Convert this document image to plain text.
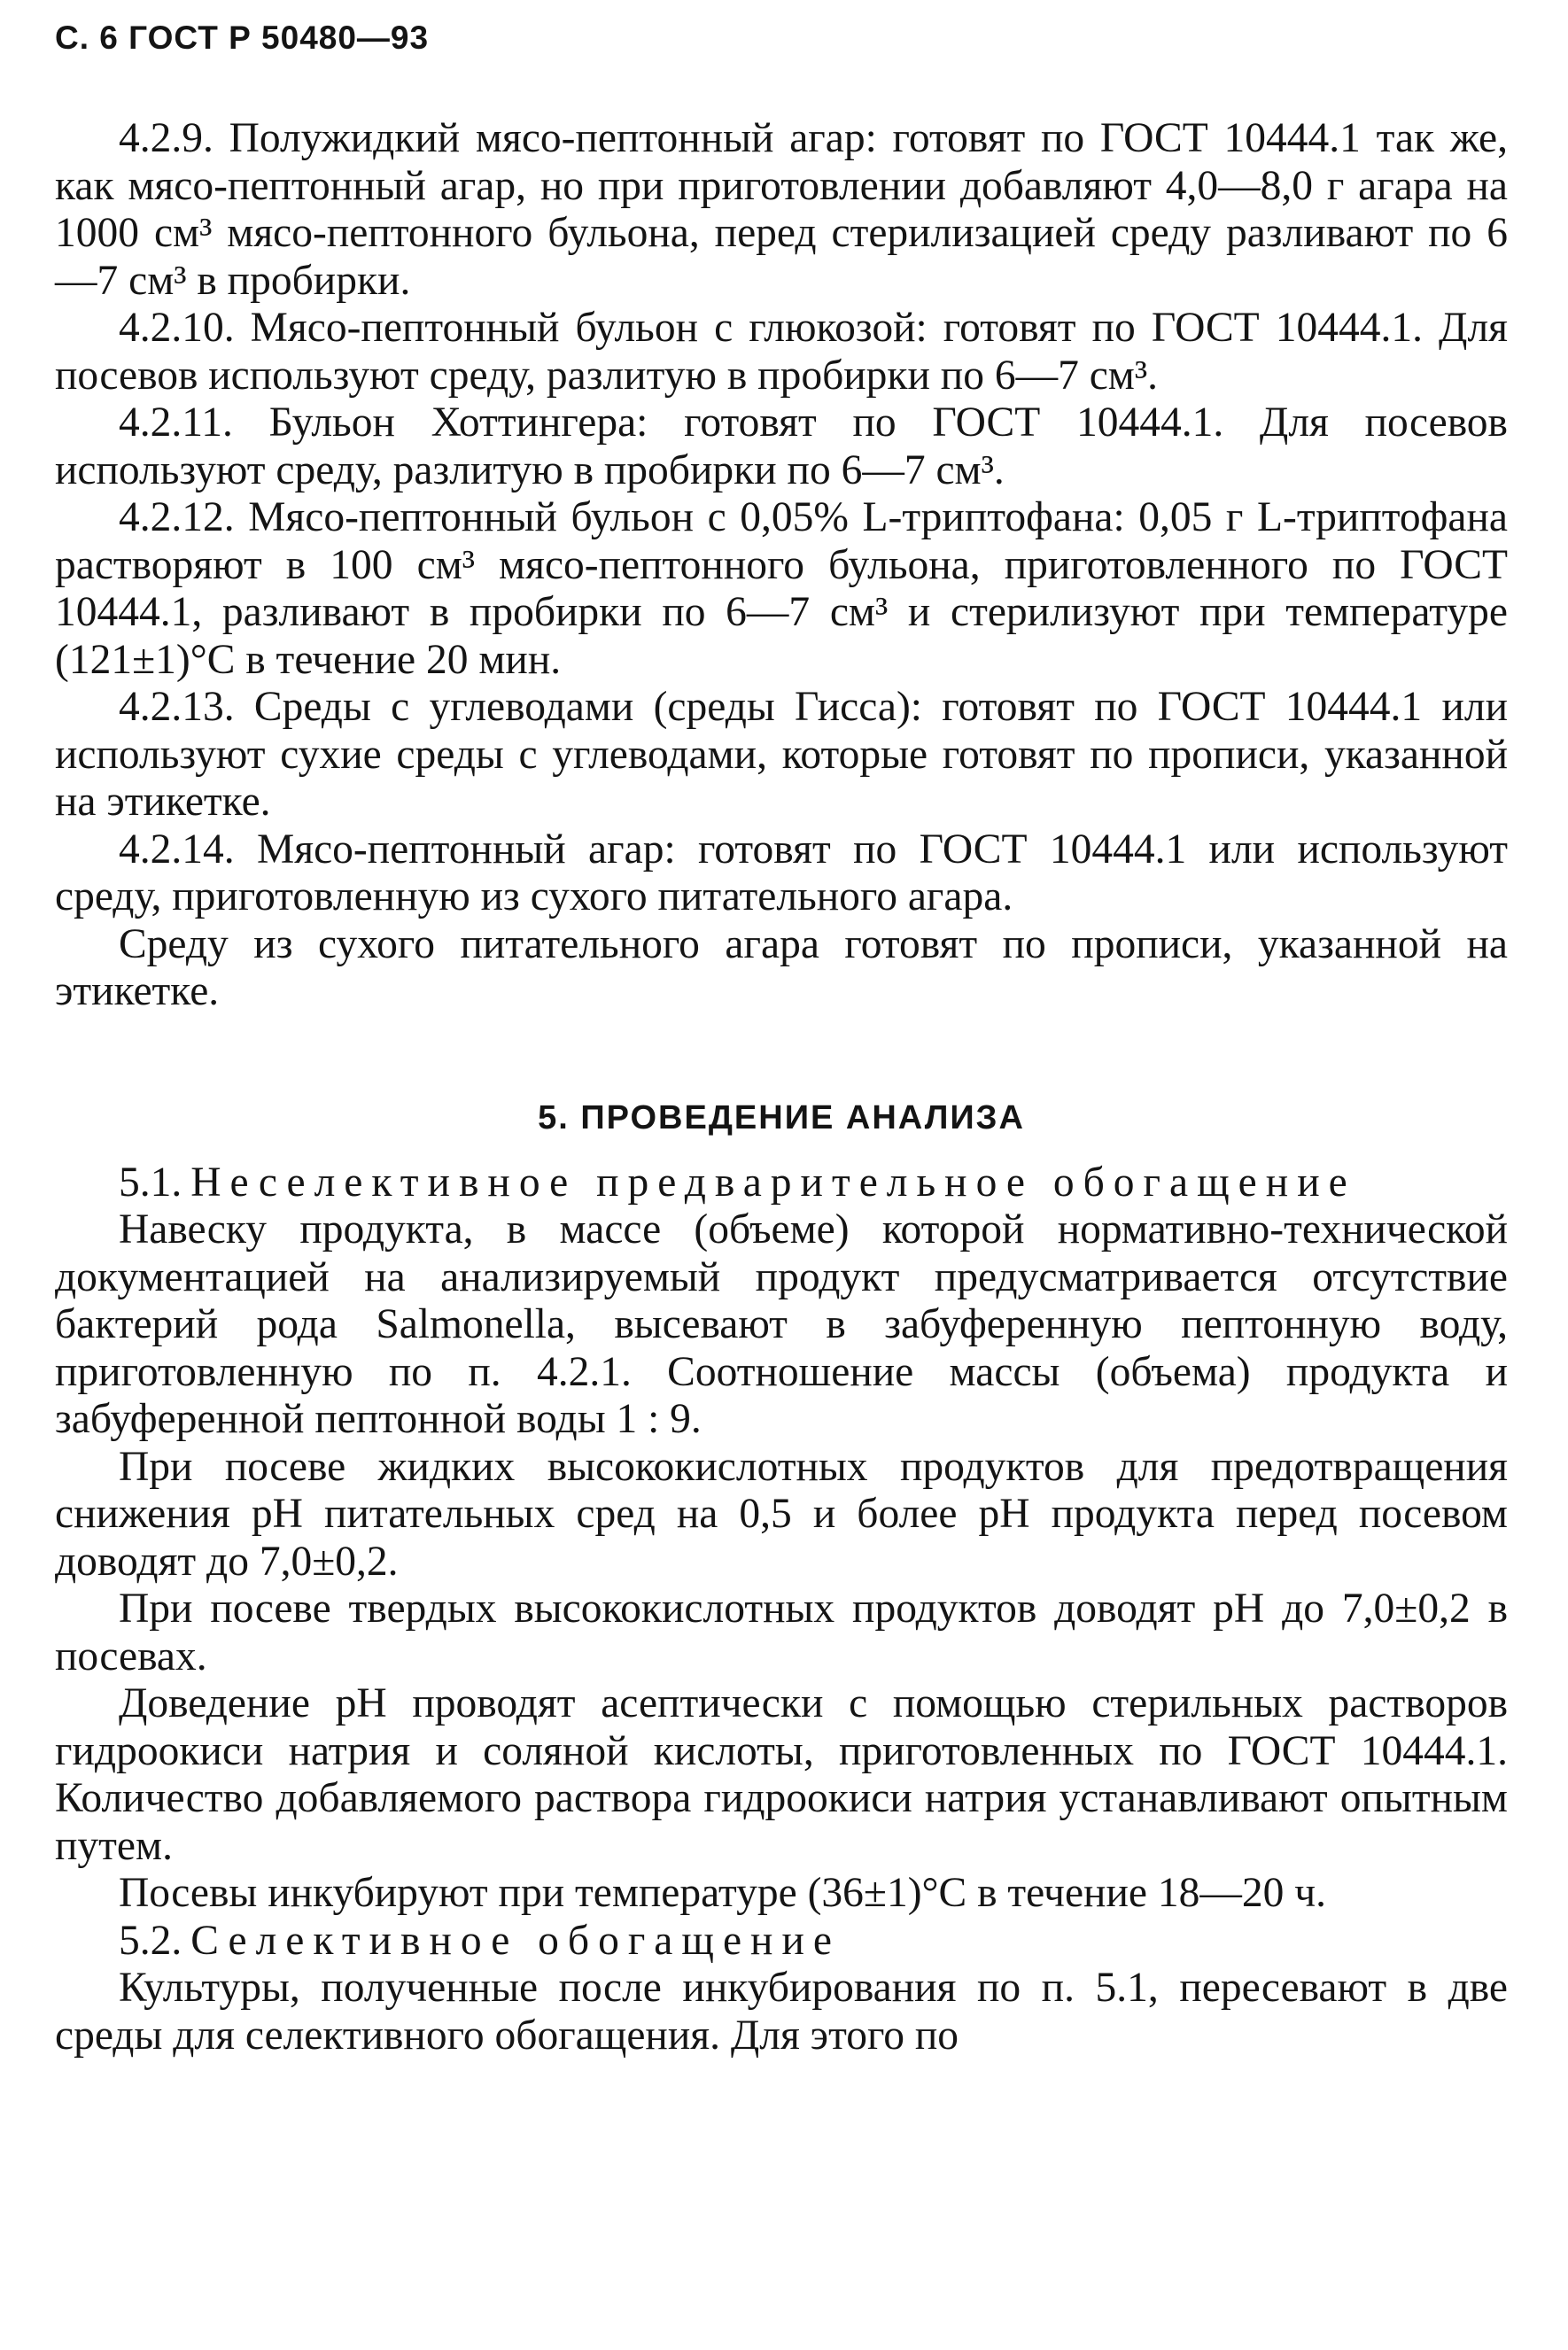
С. 6 ГОСТ Р 50480—93

4.2.9. Полужидкий мясо-пептонный агар: готовят по ГОСТ 10444.1 так же, как мясо-пептонный агар, но при приготовлении добавляют 4,0—8,0 г агара на 1000 см³ мясо-пептонного бульона, перед стерилизацией среду разливают по 6—7 см³ в пробирки.

4.2.10. Мясо-пептонный бульон с глюкозой: готовят по ГОСТ 10444.1. Для посевов используют среду, разлитую в пробирки по 6—7 см³.

4.2.11. Бульон Хоттингера: готовят по ГОСТ 10444.1. Для посевов используют среду, разлитую в пробирки по 6—7 см³.

4.2.12. Мясо-пептонный бульон с 0,05% L-триптофана: 0,05 г L-триптофана растворяют в 100 см³ мясо-пептонного бульона, приготовленного по ГОСТ 10444.1, разливают в пробирки по 6—7 см³ и стерилизуют при температуре (121±1)°С в течение 20 мин.

4.2.13. Среды с углеводами (среды Гисса): готовят по ГОСТ 10444.1 или используют сухие среды с углеводами, которые готовят по прописи, указанной на этикетке.

4.2.14. Мясо-пептонный агар: готовят по ГОСТ 10444.1 или используют среду, приготовленную из сухого питательного агара.

Среду из сухого питательного агара готовят по прописи, указанной на этикетке.

5. ПРОВЕДЕНИЕ АНАЛИЗА

5.1. Неселективное предварительное обогащение

Навеску продукта, в массе (объеме) которой нормативно-технической документацией на анализируемый продукт предусматривается отсутствие бактерий рода Salmonella, высевают в забуференную пептонную воду, приготовленную по п. 4.2.1. Соотношение массы (объема) продукта и забуференной пептонной воды 1 : 9.

При посеве жидких высококислотных продуктов для предотвращения снижения pH питательных сред на 0,5 и более pH продукта перед посевом доводят до 7,0±0,2.

При посеве твердых высококислотных продуктов доводят pH до 7,0±0,2 в посевах.

Доведение pH проводят асептически с помощью стерильных растворов гидроокиси натрия и соляной кислоты, приготовленных по ГОСТ 10444.1. Количество добавляемого раствора гидроокиси натрия устанавливают опытным путем.

Посевы инкубируют при температуре (36±1)°С в течение 18—20 ч.

5.2. Селективное обогащение

Культуры, полученные после инкубирования по п. 5.1, пересевают в две среды для селективного обогащения. Для этого по
